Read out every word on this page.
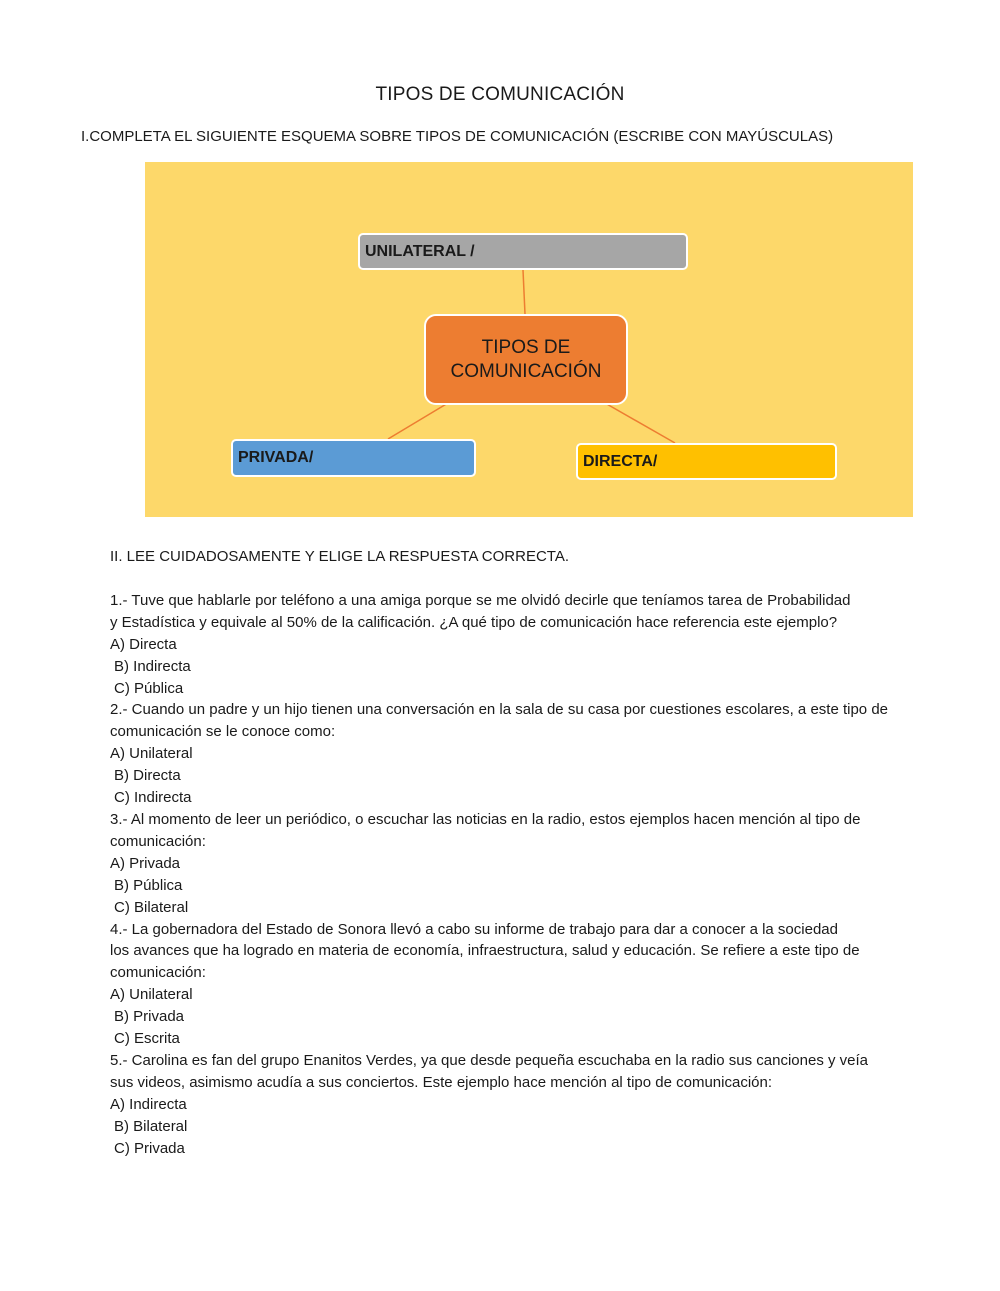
TIPOS DE COMUNICACIÓN
I.COMPLETA EL SIGUIENTE ESQUEMA SOBRE TIPOS DE COMUNICACIÓN (ESCRIBE CON MAYÚSCULAS)
UNILATERAL /
TIPOS DE
COMUNICACIÓN
PRIVADA/	DIRECTA/

II. LEE CUIDADOSAMENTE Y ELIGE LA RESPUESTA CORRECTA.

1.- Tuve que hablarle por teléfono a una amiga porque se me olvidó decirle que teníamos tarea de Probabilidad

y Estadística y equivale al 50% de la calificación. ¿A qué tipo de comunicación hace referencia este ejemplo?

A) Directa

B) Indirecta

C) Pública

2.- Cuando un padre y un hijo tienen una conversación en la sala de su casa por cuestiones escolares, a este tipo de

comunicación se le conoce como:

A) Unilateral

B) Directa

C) Indirecta

3.- Al momento de leer un periódico, o escuchar las noticias en la radio, estos ejemplos hacen mención al tipo de

comunicación:

A) Privada

B) Pública

C) Bilateral

4.- La gobernadora del Estado de Sonora llevó a cabo su informe de trabajo para dar a conocer a la sociedad

los avances que ha logrado en materia de economía, infraestructura, salud y educación. Se refiere a este tipo de

comunicación:

A) Unilateral

B) Privada

C) Escrita

5.- Carolina es fan del grupo Enanitos Verdes, ya que desde pequeña escuchaba en la radio sus canciones y veía

sus videos, asimismo acudía a sus conciertos. Este ejemplo hace mención al tipo de comunicación:

A) Indirecta

B) Bilateral

C) Privada
